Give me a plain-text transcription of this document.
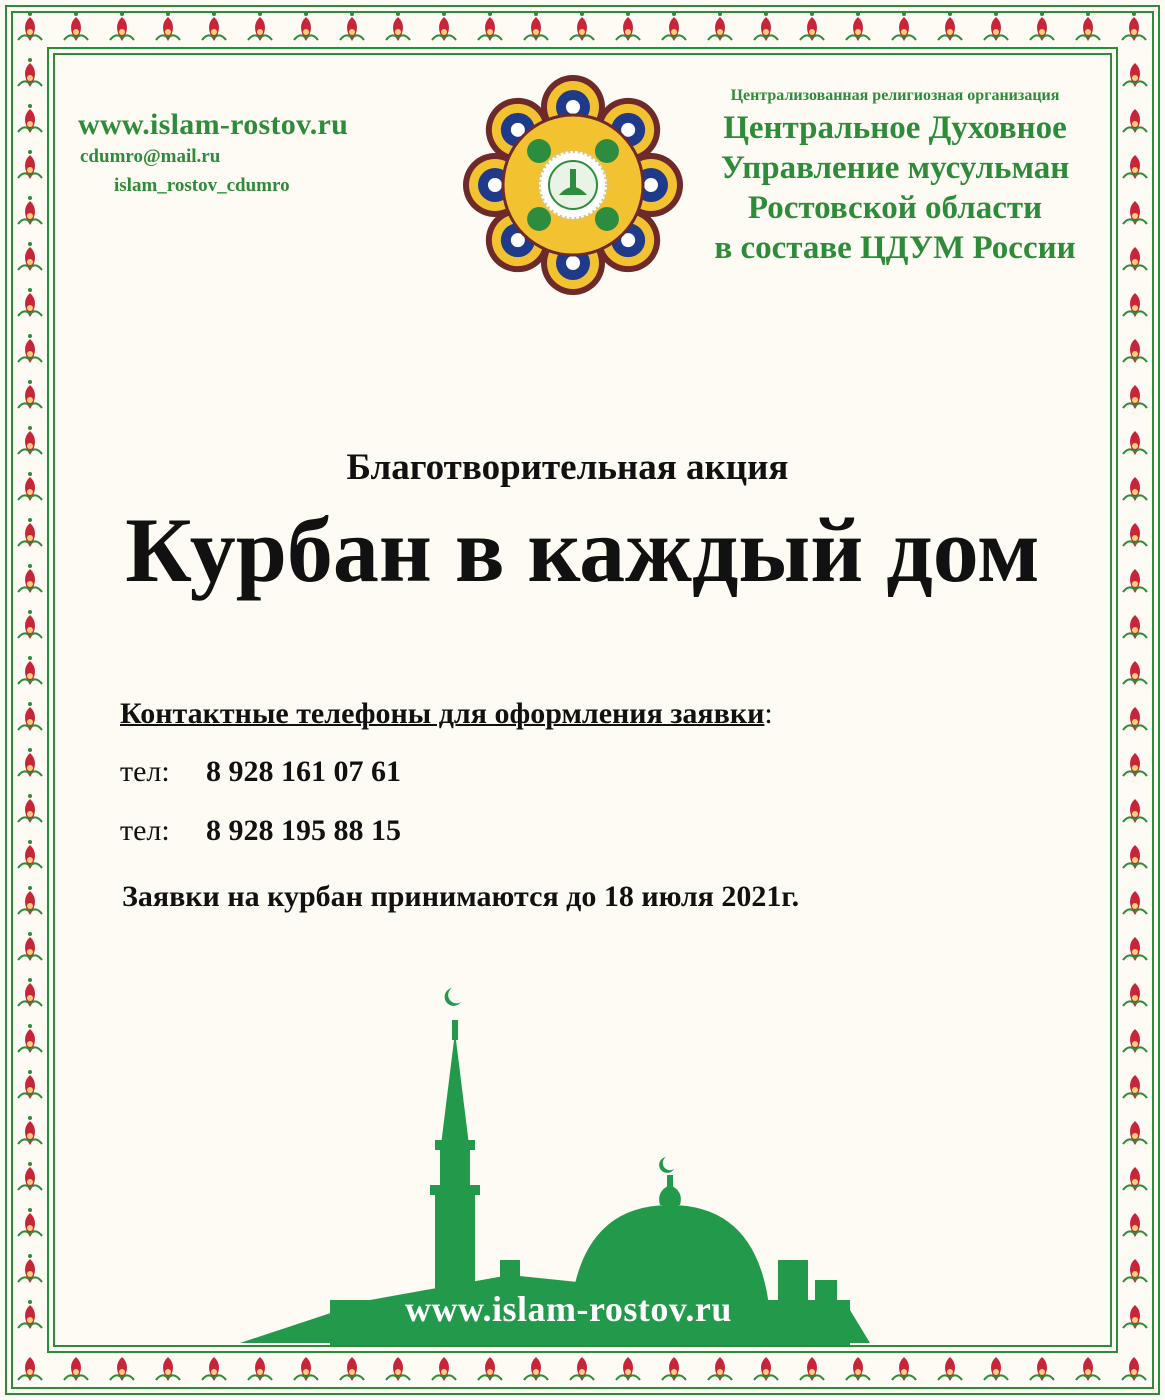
www.islam-rostov.ru
cdumro@mail.ru
islam_rostov_cdumro
Централизованная религиозная организация
Центральное Духовное
Управление мусульман
Ростовской области
в составе ЦДУМ России
Благотворительная акция
Курбан в каждый дом
Контактные телефоны для оформления заявки:
тел: 8 928 161 07 61
тел: 8 928 195 88 15
Заявки на курбан принимаются до 18 июля 2021г.
www.islam-rostov.ru
